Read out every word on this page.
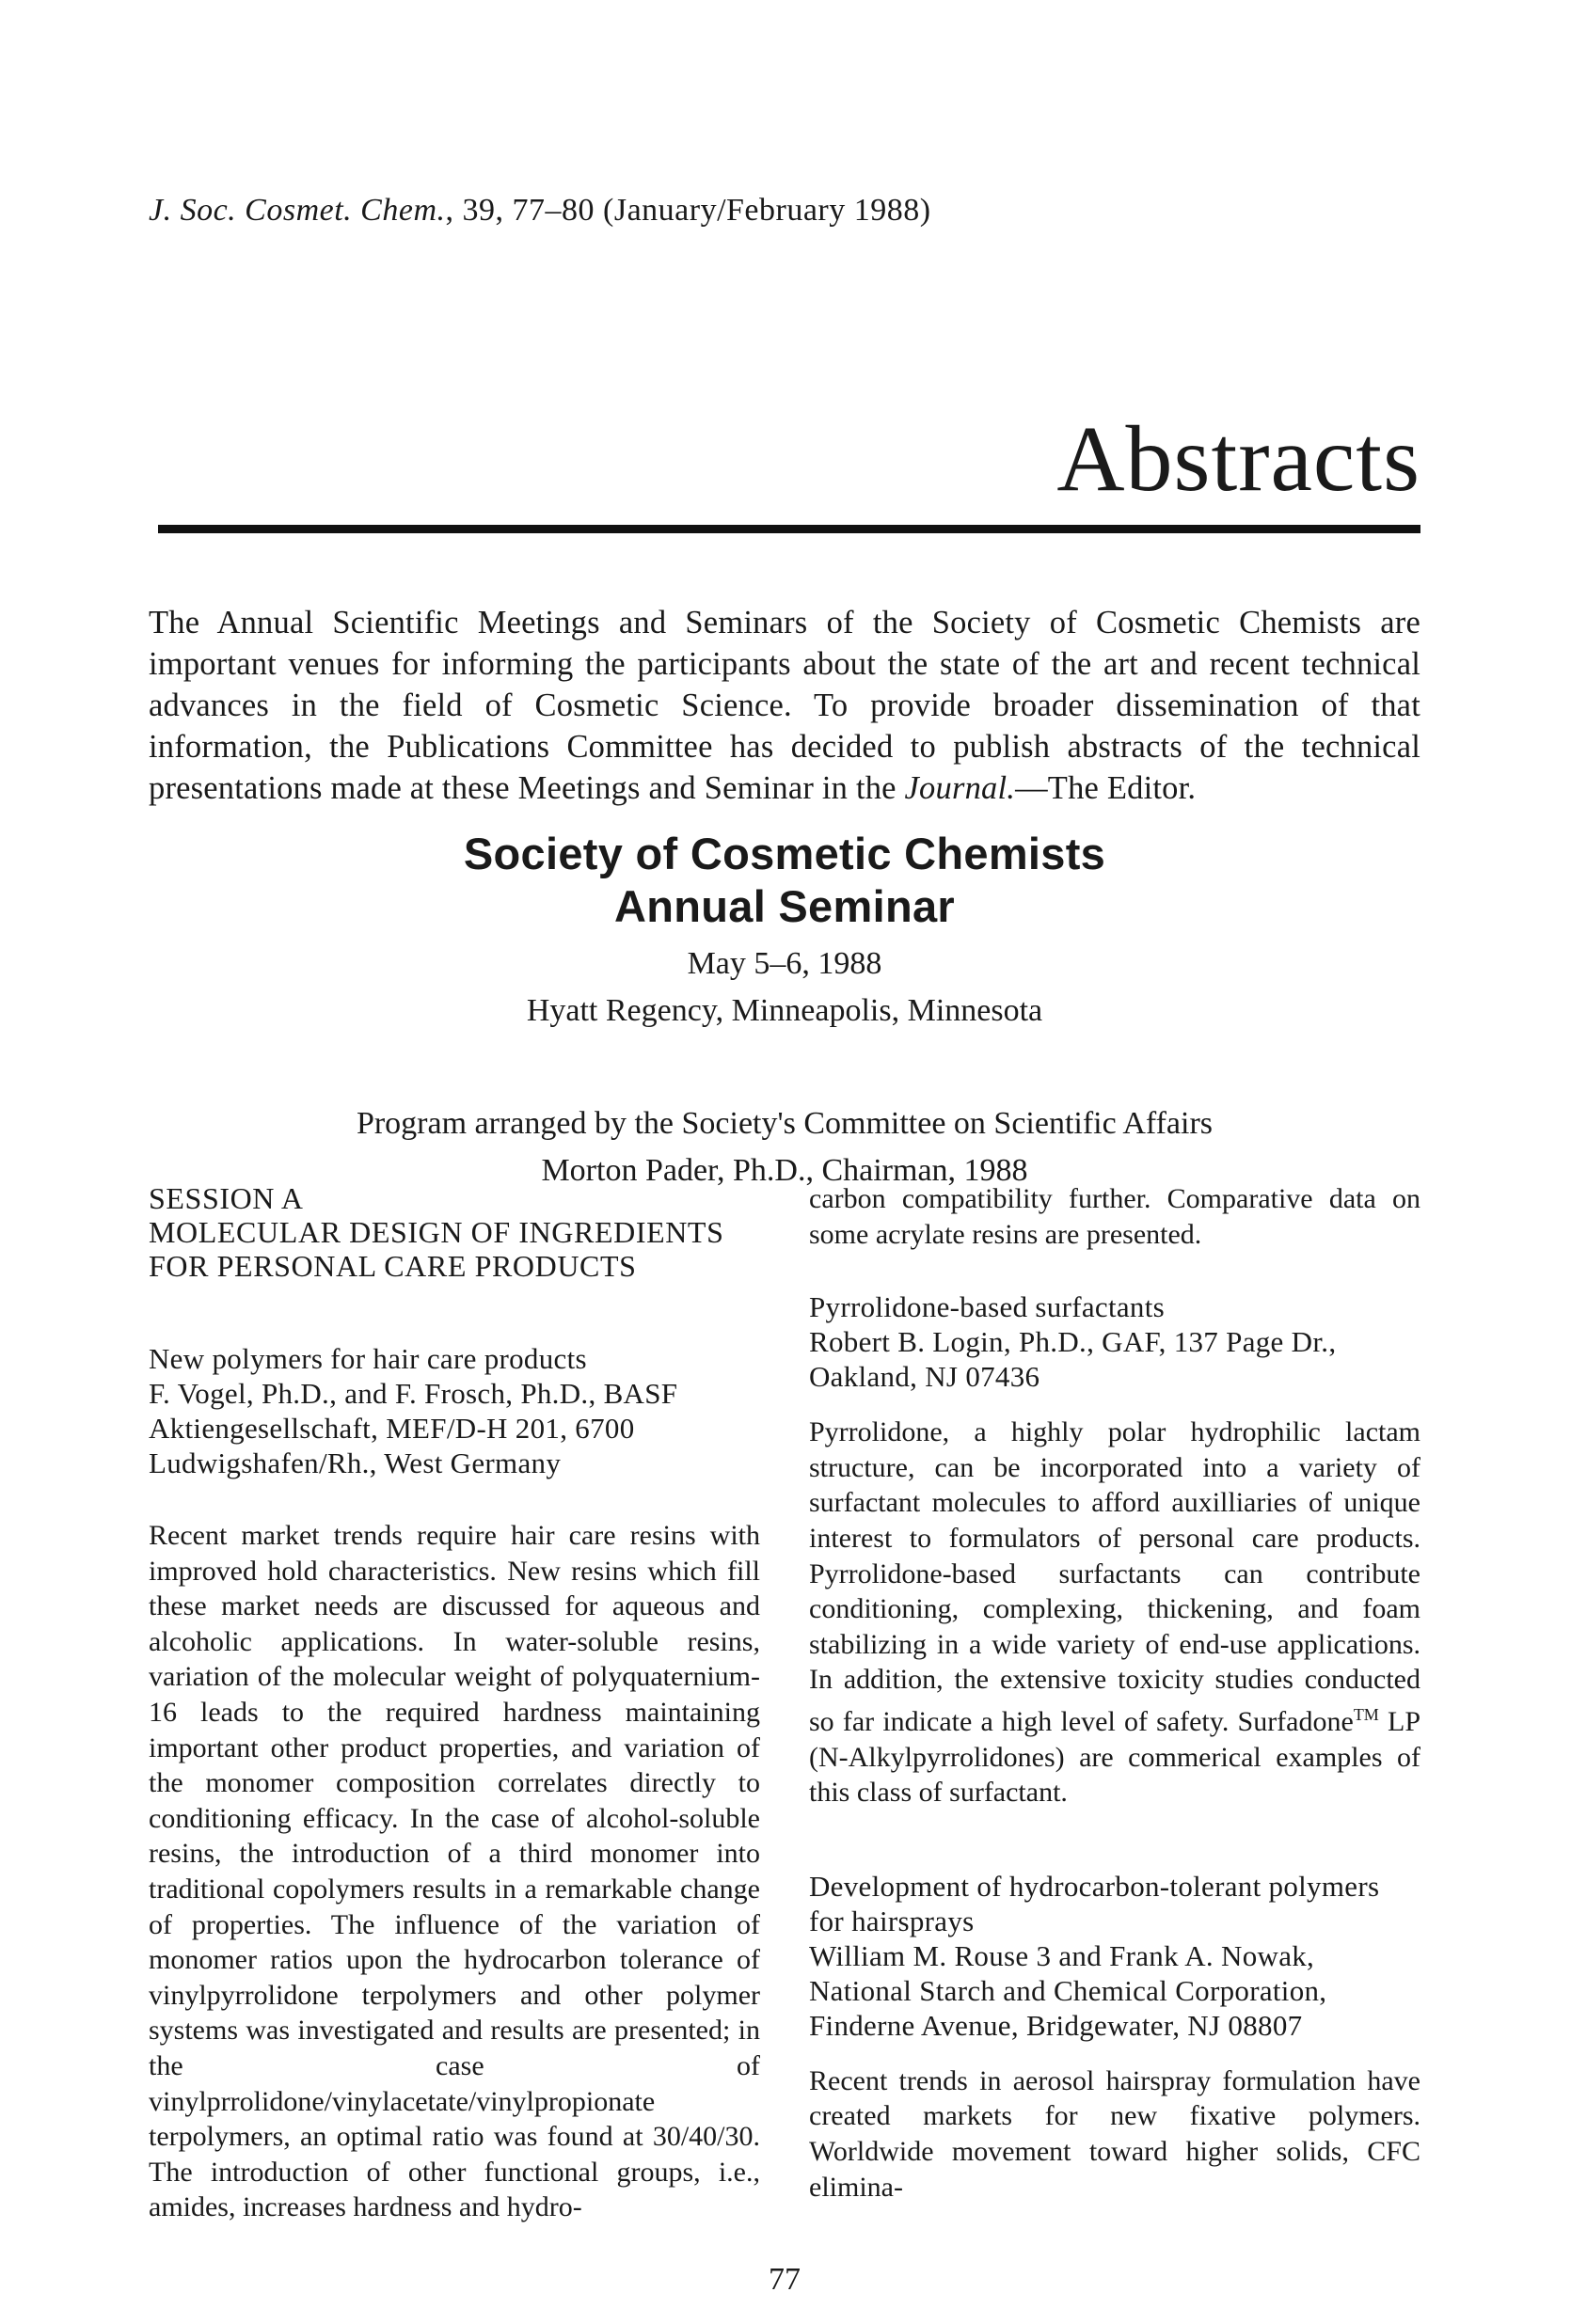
J. Soc. Cosmet. Chem., 39, 77–80 (January/February 1988)
Abstracts
The Annual Scientific Meetings and Seminars of the Society of Cosmetic Chemists are important venues for informing the participants about the state of the art and recent technical advances in the field of Cosmetic Science. To provide broader dissemination of that information, the Publications Committee has decided to publish abstracts of the technical presentations made at these Meetings and Seminar in the Journal.—The Editor.
Society of Cosmetic Chemists
Annual Seminar
May 5–6, 1988
Hyatt Regency, Minneapolis, Minnesota
Program arranged by the Society's Committee on Scientific Affairs
Morton Pader, Ph.D., Chairman, 1988
SESSION A
MOLECULAR DESIGN OF INGREDIENTS
FOR PERSONAL CARE PRODUCTS
New polymers for hair care products
F. Vogel, Ph.D., and F. Frosch, Ph.D., BASF Aktiengesellschaft, MEF/D-H 201, 6700 Ludwigshafen/Rh., West Germany
Recent market trends require hair care resins with improved hold characteristics. New resins which fill these market needs are discussed for aqueous and alcoholic applications. In water-soluble resins, variation of the molecular weight of polyquaternium-16 leads to the required hardness maintaining important other product properties, and variation of the monomer composition correlates directly to conditioning efficacy. In the case of alcohol-soluble resins, the introduction of a third monomer into traditional copolymers results in a remarkable change of properties. The influence of the variation of monomer ratios upon the hydrocarbon tolerance of vinylpyrrolidone terpolymers and other polymer systems was investigated and results are presented; in the case of vinylprrolidone/vinylacetate/vinylpropionate terpolymers, an optimal ratio was found at 30/40/30. The introduction of other functional groups, i.e., amides, increases hardness and hydro-
carbon compatibility further. Comparative data on some acrylate resins are presented.
Pyrrolidone-based surfactants
Robert B. Login, Ph.D., GAF, 137 Page Dr., Oakland, NJ 07436
Pyrrolidone, a highly polar hydrophilic lactam structure, can be incorporated into a variety of surfactant molecules to afford auxilliaries of unique interest to formulators of personal care products. Pyrrolidone-based surfactants can contribute conditioning, complexing, thickening, and foam stabilizing in a wide variety of end-use applications. In addition, the extensive toxicity studies conducted so far indicate a high level of safety. Surfadone™ LP (N-Alkylpyrrolidones) are commerical examples of this class of surfactant.
Development of hydrocarbon-tolerant polymers for hairsprays
William M. Rouse 3 and Frank A. Nowak, National Starch and Chemical Corporation, Finderne Avenue, Bridgewater, NJ 08807
Recent trends in aerosol hairspray formulation have created markets for new fixative polymers. Worldwide movement toward higher solids, CFC elimina-
77
